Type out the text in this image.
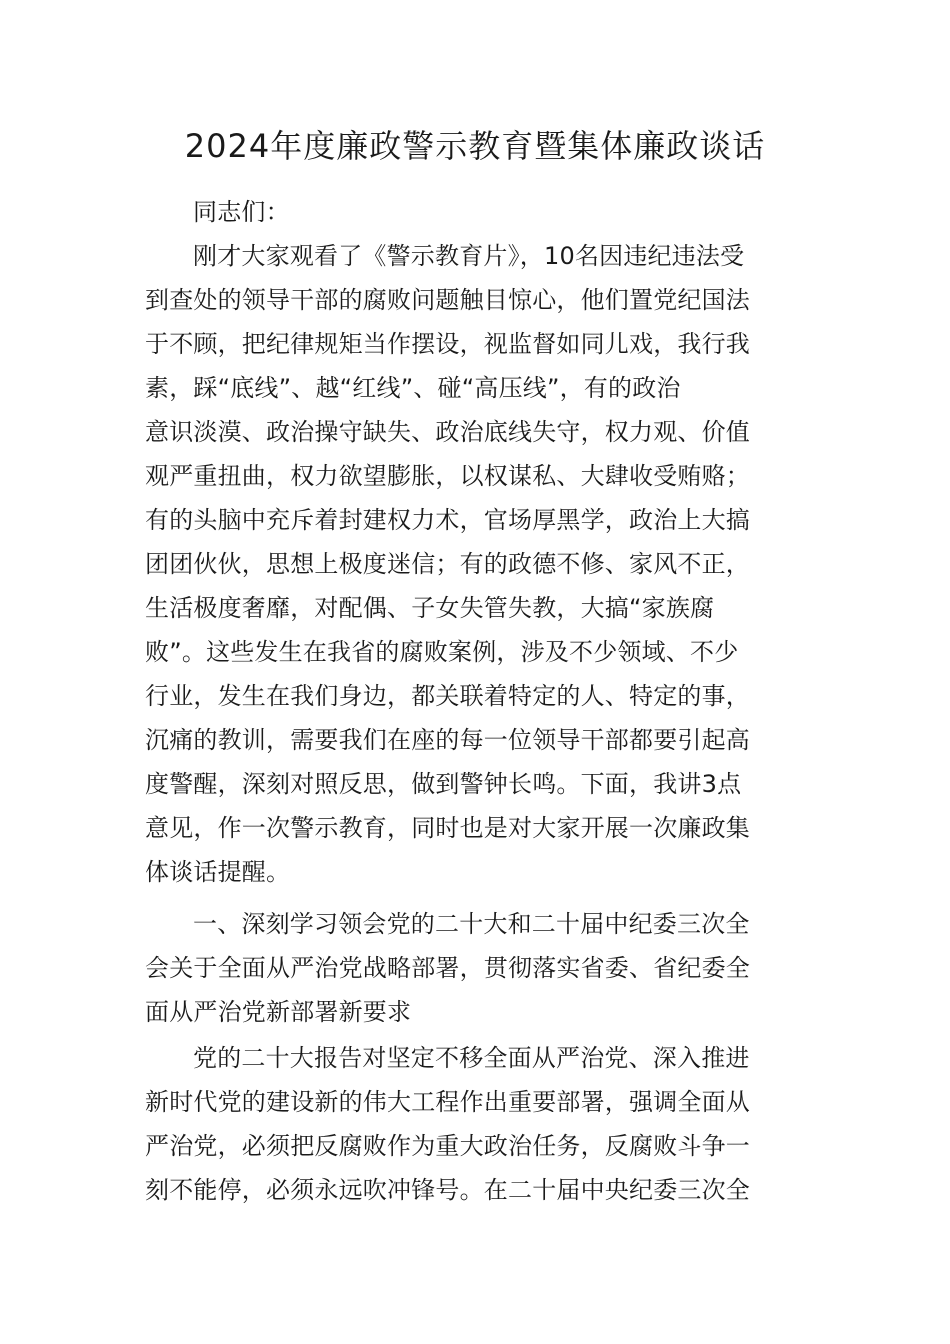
2024年度廉政警示教育暨集体廉政谈话
同志们：
刚才大家观看了《警示教育片》，10名因违纪违法受
到查处的领导干部的腐败问题触目惊心，他们置党纪国法
于不顾，把纪律规矩当作摆设，视监督如同儿戏，我行我
素，踩“底线”、越“红线”、碰“高压线”，有的政治
意识淡漠、政治操守缺失、政治底线失守，权力观、价值
观严重扭曲，权力欲望膨胀，以权谋私、大肆收受贿赂；
有的头脑中充斥着封建权力术，官场厚黑学，政治上大搞
团团伙伙，思想上极度迷信；有的政德不修、家风不正，
生活极度奢靡，对配偶、子女失管失教，大搞“家族腐
败”。这些发生在我省的腐败案例，涉及不少领域、不少
行业，发生在我们身边，都关联着特定的人、特定的事，
沉痛的教训，需要我们在座的每一位领导干部都要引起高
度警醒，深刻对照反思，做到警钟长鸣。下面，我讲3点
意见，作一次警示教育，同时也是对大家开展一次廉政集
体谈话提醒。
一、深刻学习领会党的二十大和二十届中纪委三次全
会关于全面从严治党战略部署，贯彻落实省委、省纪委全
面从严治党新部署新要求
党的二十大报告对坚定不移全面从严治党、深入推进
新时代党的建设新的伟大工程作出重要部署，强调全面从
严治党，必须把反腐败作为重大政治任务，反腐败斗争一
刻不能停，必须永远吹冲锋号。在二十届中央纪委三次全
